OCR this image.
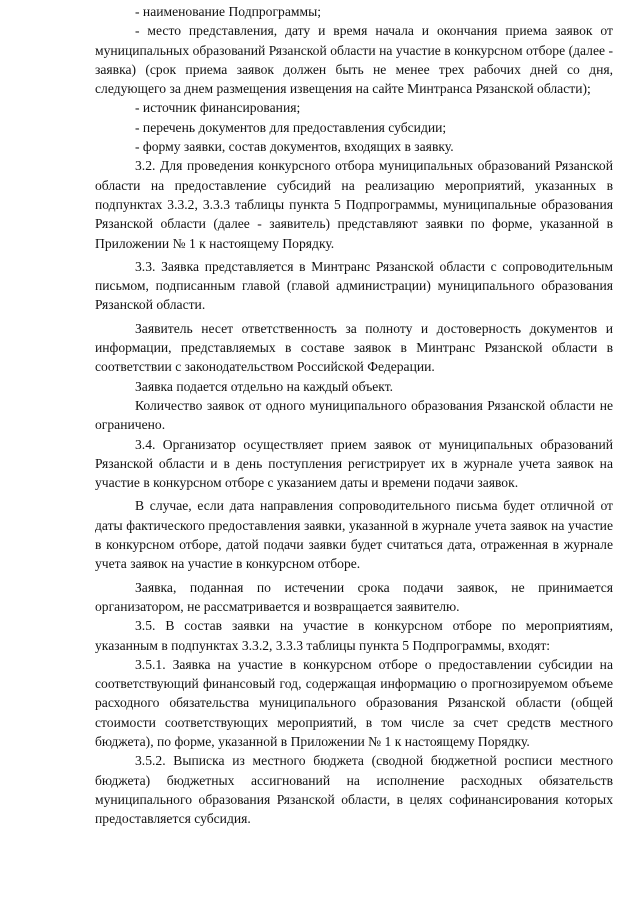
- наименование Подпрограммы;

- место представления, дату и время начала и окончания приема заявок от муниципальных образований Рязанской области на участие в конкурсном отборе (далее - заявка) (срок приема заявок должен быть не менее трех рабочих дней со дня, следующего за днем размещения извещения на сайте Минтранса Рязанской области);

- источник финансирования;

- перечень документов для предоставления субсидии;

- форму заявки, состав документов, входящих в заявку.

3.2. Для проведения конкурсного отбора муниципальных образований Рязанской области на предоставление субсидий на реализацию мероприятий, указанных в подпунктах 3.3.2, 3.3.3 таблицы пункта 5 Подпрограммы, муниципальные образования Рязанской области (далее - заявитель) представляют заявки по форме, указанной в Приложении № 1 к настоящему Порядку.

3.3. Заявка представляется в Минтранс Рязанской области с сопроводительным письмом, подписанным главой (главой администрации) муниципального образования Рязанской области.

Заявитель несет ответственность за полноту и достоверность документов и информации, представляемых в составе заявок в Минтранс Рязанской области в соответствии с законодательством Российской Федерации.

Заявка подается отдельно на каждый объект.

Количество заявок от одного муниципального образования Рязанской области не ограничено.

3.4. Организатор осуществляет прием заявок от муниципальных образований Рязанской области и в день поступления регистрирует их в журнале учета заявок на участие в конкурсном отборе с указанием даты и времени подачи заявок.

В случае, если дата направления сопроводительного письма будет отличной от даты фактического предоставления заявки, указанной в журнале учета заявок на участие в конкурсном отборе, датой подачи заявки будет считаться дата, отраженная в журнале учета заявок на участие в конкурсном отборе.

Заявка, поданная по истечении срока подачи заявок, не принимается организатором, не рассматривается и возвращается заявителю.

3.5. В состав заявки на участие в конкурсном отборе по мероприятиям, указанным в подпунктах 3.3.2, 3.3.3 таблицы пункта 5 Подпрограммы, входят:

3.5.1. Заявка на участие в конкурсном отборе о предоставлении субсидии на соответствующий финансовый год, содержащая информацию о прогнозируемом объеме расходного обязательства муниципального образования Рязанской области (общей стоимости соответствующих мероприятий, в том числе за счет средств местного бюджета), по форме, указанной в Приложении № 1 к настоящему Порядку.

3.5.2. Выписка из местного бюджета (сводной бюджетной росписи местного бюджета) бюджетных ассигнований на исполнение расходных обязательств муниципального образования Рязанской области, в целях софинансирования которых предоставляется субсидия.
